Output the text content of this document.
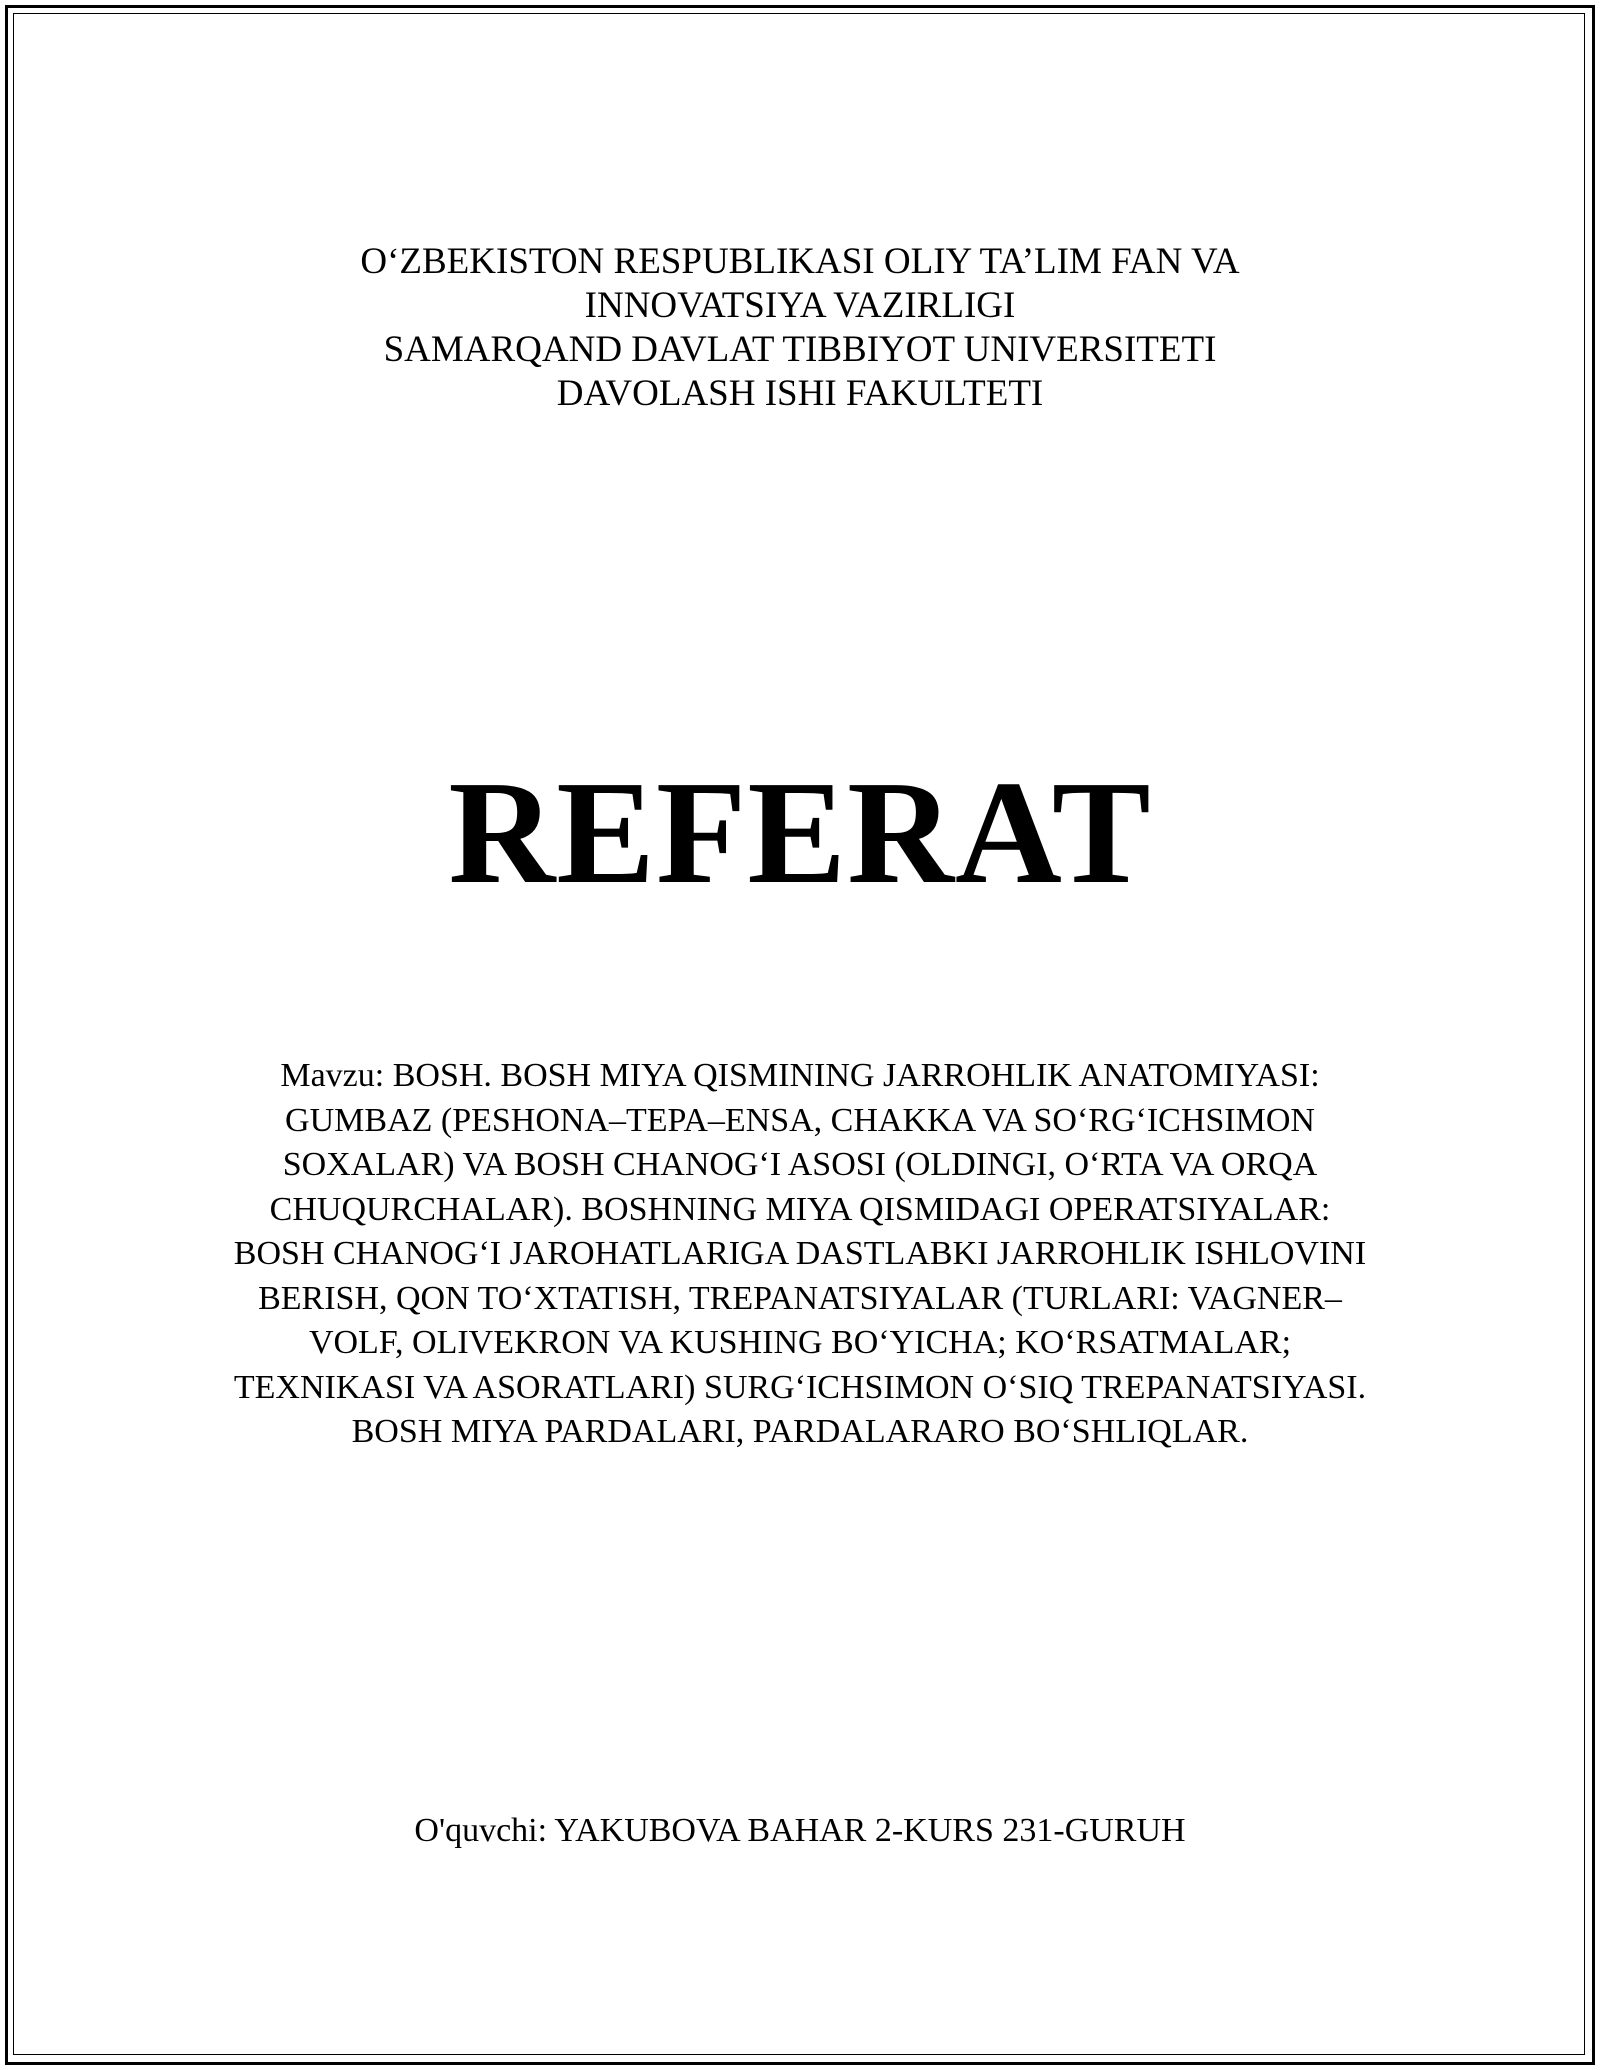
O‘ZBEKISTON RESPUBLIKASI OLIY TA’LIM FAN VA
INNOVATSIYA VAZIRLIGI
SAMARQAND DAVLAT TIBBIYOT UNIVERSITETI
DAVOLASH ISHI FAKULTETI
REFERAT
Mavzu: BOSH. BOSH MIYA QISMINING JARROHLIK ANATOMIYASI: GUMBAZ (PESHONA–TEPA–ENSA, CHAKKA VA SO‘RG‘ICHSIMON SOXALAR) VA BOSH CHANOG‘I ASOSI (OLDINGI, O‘RTA VA ORQA CHUQURCHALAR). BOSHNING MIYA QISMIDAGI OPERATSIYALAR: BOSH CHANOG‘I JAROHATLARIGA DASTLABKI JARROHLIK ISHLOVINI BERISH, QON TO‘XTATISH, TREPANATSIYALAR (TURLARI: VAGNER–VOLF, OLIVEKRON VA KUSHING BO‘YICHA; KO‘RSATMALAR; TEXNIKASI VA ASORATLARI) SURG‘ICHSIMON O‘SIQ TREPANATSIYASI. BOSH MIYA PARDALARI, PARDALARARO BO‘SHLIQLAR.
O'quvchi: YAKUBOVA BAHAR 2-KURS 231-GURUH
